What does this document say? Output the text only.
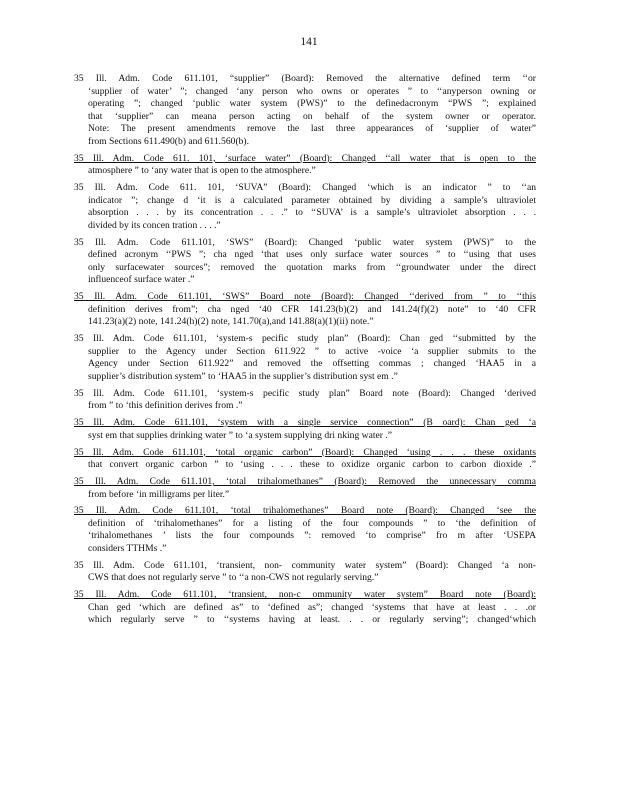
141
35 Ill. Adm. Code 611.101, “supplier” (Board): Removed the alternative defined term ‘‘or
‘supplier of water’ ”; changed ‘any person who owns or operates ” to ‘‘anyperson owning or
operating ”; changed ‘public water system (PWS)” to the definedacronym “PWS ”; explained
that ‘supplier” can meana person acting on behalf of the system owner or operator.
Note: The present amendments remove the last three appearances of ‘supplier of water”
from Sections 611.490(b) and 611.560(b).
35 Ill. Adm. Code 611. 101, ‘surface water” (Board): Changed ‘‘all water that is open to the
atmosphere ” to ‘any water that is open to the atmosphere.”
35 Ill. Adm. Code 611. 101, ‘SUVA” (Board): Changed ‘which is an indicator ” to ‘‘an
indicator ”; change d ‘it is a calculated parameter obtained by dividing a sample’s ultraviolet
absorption . . . by its concentration . . .” to ‘‘SUVA’ is a sample’s ultraviolet absorption . . .
divided by its concen tration . . . .”
35 Ill. Adm. Code 611.101, ‘SWS” (Board): Changed ‘public water system (PWS)” to the
defined acronym ‘‘PWS ”; cha nged ‘that uses only surface water sources ” to ‘‘using that uses
only surfacewater sources”; removed the quotation marks from ‘‘groundwater under the direct
influenceof surface water .”
35 Ill. Adm. Code 611.101, ‘SWS” Board note (Board): Changed ‘‘derived from ” to ‘‘this
definition derives from”; cha nged ‘40 CFR 141.23(b)(2) and 141.24(f)(2) note” to ‘40 CFR
141.23(a)(2) note, 141.24(h)(2) note, 141.70(a),and 141.88(a)(1)(ii) note.”
35 Ill. Adm. Code 611.101, ‘system-s pecific study plan” (Board): Chan ged ‘‘submitted by the
supplier to the Agency under Section 611.922 ” to active -voice ‘a supplier submits to the
Agency under Section 611.922” and removed the offsetting commas ; changed ‘HAA5 in a
supplier’s distribution system” to ‘HAA5 in the supplier’s distribution syst em .”
35 Ill. Adm. Code 611.101, ‘system-s pecific study plan” Board note (Board): Changed ‘derived
from ” to ‘this definition derives from .”
35 Ill. Adm. Code 611.101, ‘system with a single service connection” (B oard): Chan ged ‘a
syst em that supplies drinking water ” to ‘a system supplying dri nking water .”
35 Ill. Adm. Code 611.101, ‘total organic carbon” (Board): Changed ‘using . . . these oxidants
that convert organic carbon ” to ‘using . . . these to oxidize organic carbon to carbon dioxide .”
35 Ill. Adm. Code 611.101, ‘total trihalomethanes” (Board): Removed the unnecessary comma
from before ‘in milligrams per liter.”
35 Ill. Adm. Code 611.101, ‘total trihalomethanes” Board note (Board): Changed ‘see the
definition of ‘trihalomethanes” for a listing of the four compounds ” to ‘the definition of
‘trihalomethanes ’ lists the four compounds ”: removed ‘to comprise” fro m after ‘USEPA
considers TTHMs .”
35 Ill. Adm. Code 611.101, ‘transient, non- community water system” (Board): Changed ‘a non-
CWS that does not regularly serve ” to ‘‘a non-CWS not regularly serving.”
35 Ill. Adm. Code 611.101, ‘transient, non-c ommunity water system” Board note (Board):
Chan ged ‘which are defined as” to ‘defined as”; changed ‘systems that have at least . . .or
which regularly serve ” to ‘‘systems having at least. . . or regularly serving”; changed‘which
